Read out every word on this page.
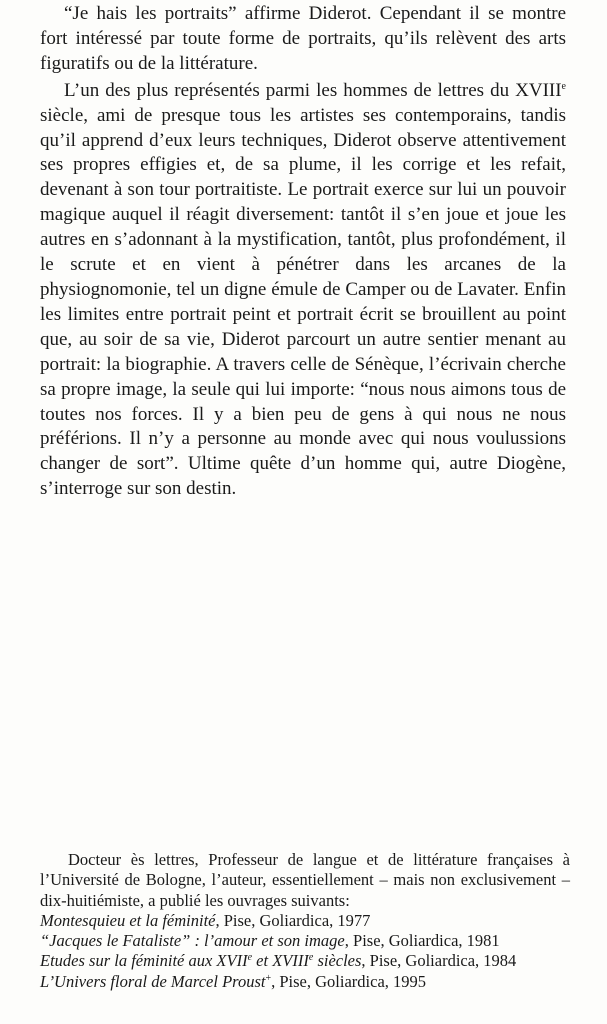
“Je hais les portraits” affirme Diderot. Cependant il se montre fort intéressé par toute forme de portraits, qu’ils relèvent des arts figuratifs ou de la littérature.

L’un des plus représentés parmi les hommes de lettres du XVIIIe siècle, ami de presque tous les artistes ses contemporains, tandis qu’il apprend d’eux leurs techniques, Diderot observe attentivement ses propres effigies et, de sa plume, il les corrige et les refait, devenant à son tour portraitiste. Le portrait exerce sur lui un pouvoir magique auquel il réagit diversement: tantôt il s’en joue et joue les autres en s’adonnant à la mystification, tantôt, plus profondément, il le scrute et en vient à pénétrer dans les arcanes de la physiognomonie, tel un digne émule de Camper ou de Lavater. Enfin les limites entre portrait peint et portrait écrit se brouillent au point que, au soir de sa vie, Diderot parcourt un autre sentier menant au portrait: la biographie. A travers celle de Sénèque, l’écrivain cherche sa propre image, la seule qui lui importe: “nous nous aimons tous de toutes nos forces. Il y a bien peu de gens à qui nous ne nous préférions. Il n’y a personne au monde avec qui nous voulussions changer de sort”. Ultime quête d’un homme qui, autre Diogène, s’interroge sur son destin.

Docteur ès lettres, Professeur de langue et de littérature françaises à l’Université de Bologne, l’auteur, essentiellement – mais non exclusivement – dix-huitiémiste, a publié les ouvrages suivants:

Montesquieu et la féminité, Pise, Goliardica, 1977
“Jacques le Fataliste” : l’amour et son image, Pise, Goliardica, 1981
Etudes sur la féminité aux XVIIe et XVIIIe siècles, Pise, Goliardica, 1984
L’Univers floral de Marcel Proust+, Pise, Goliardica, 1995
